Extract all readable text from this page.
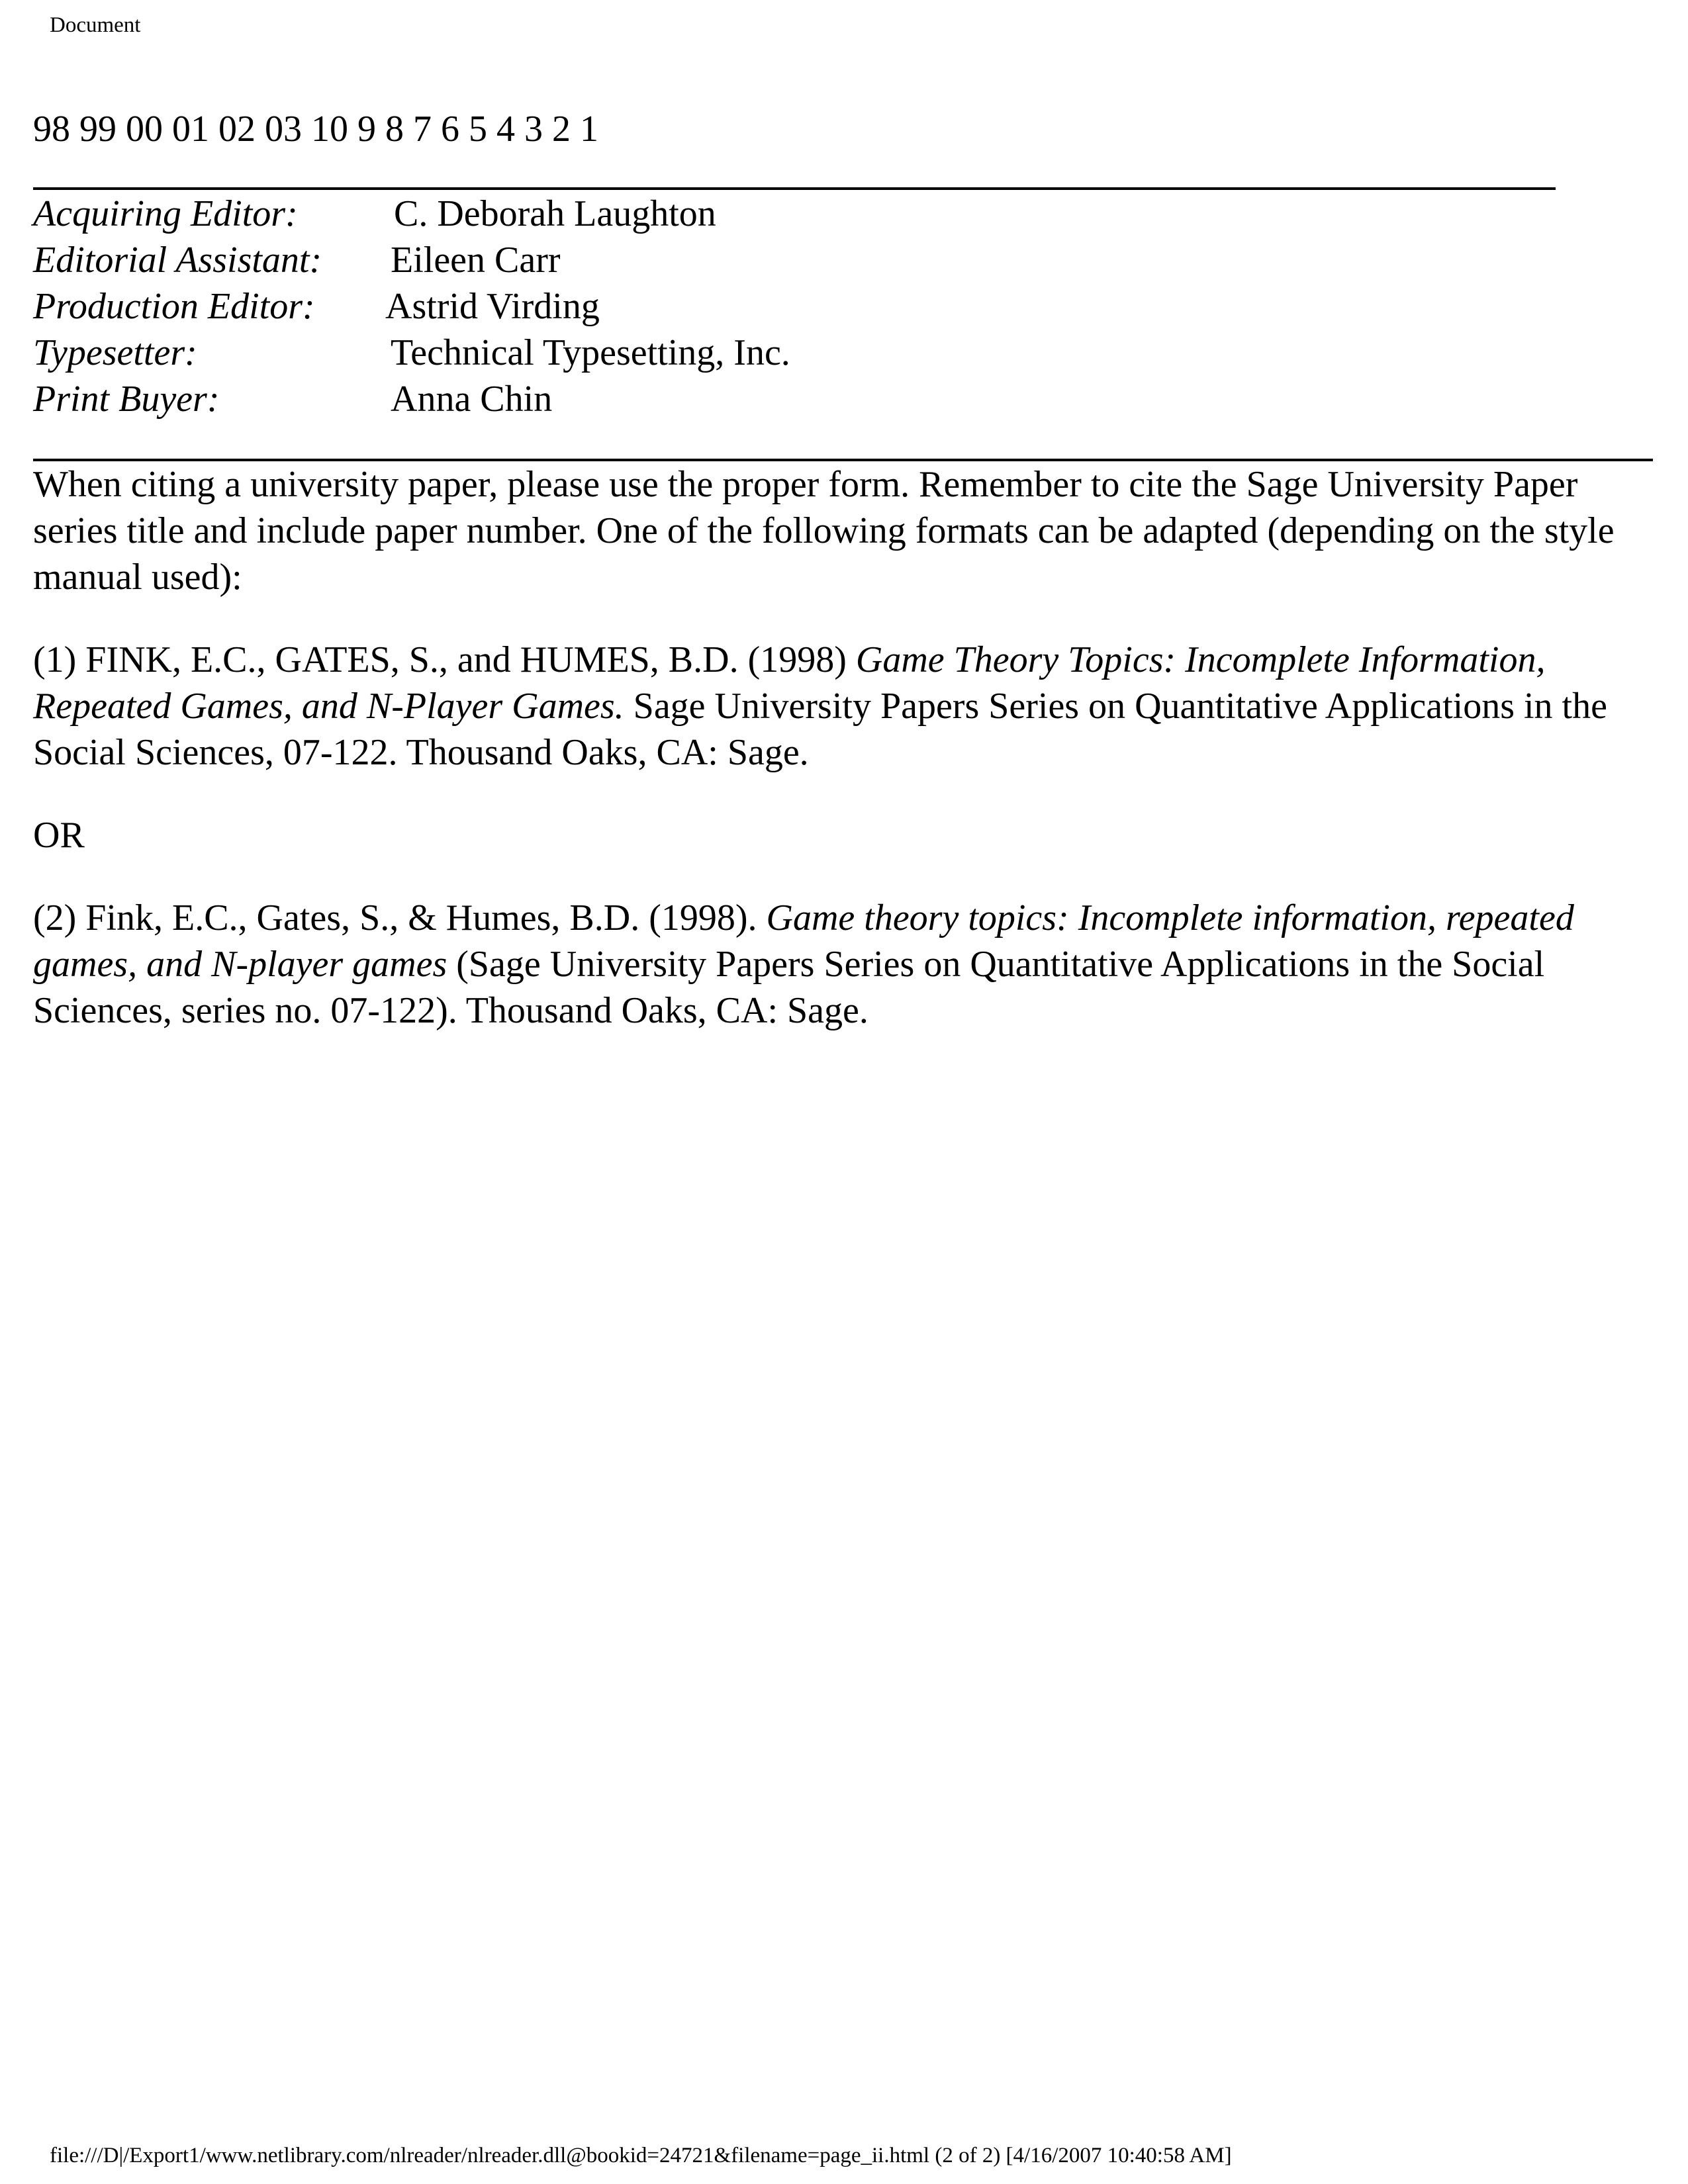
Document
98 99 00 01 02 03 10 9 8 7 6 5 4 3 2 1
Acquiring Editor:	C. Deborah Laughton
Editorial Assistant: Eileen Carr
Production Editor: Astrid Virding
Typesetter:	Technical Typesetting, Inc.
Print Buyer:	Anna Chin

When citing a university paper, please use the proper form. Remember to cite the Sage University Paper series title and include paper number. One of the following formats can be adapted (depending on the style manual used):

(1) FINK, E.C., GATES, S., and HUMES, B.D. (1998) Game Theory Topics: Incomplete Information, Repeated Games, and N-Player Games. Sage University Papers Series on Quantitative Applications in the Social Sciences, 07-122. Thousand Oaks, CA: Sage.

OR

(2) Fink, E.C., Gates, S., & Humes, B.D. (1998). Game theory topics: Incomplete information, repeated games, and N-player games (Sage University Papers Series on Quantitative Applications in the Social Sciences, series no. 07-122). Thousand Oaks, CA: Sage.

file:///D|/Export1/www.netlibrary.com/nlreader/nlreader.dll@bookid=24721&filename=page_ii.html (2 of 2) [4/16/2007 10:40:58 AM]
